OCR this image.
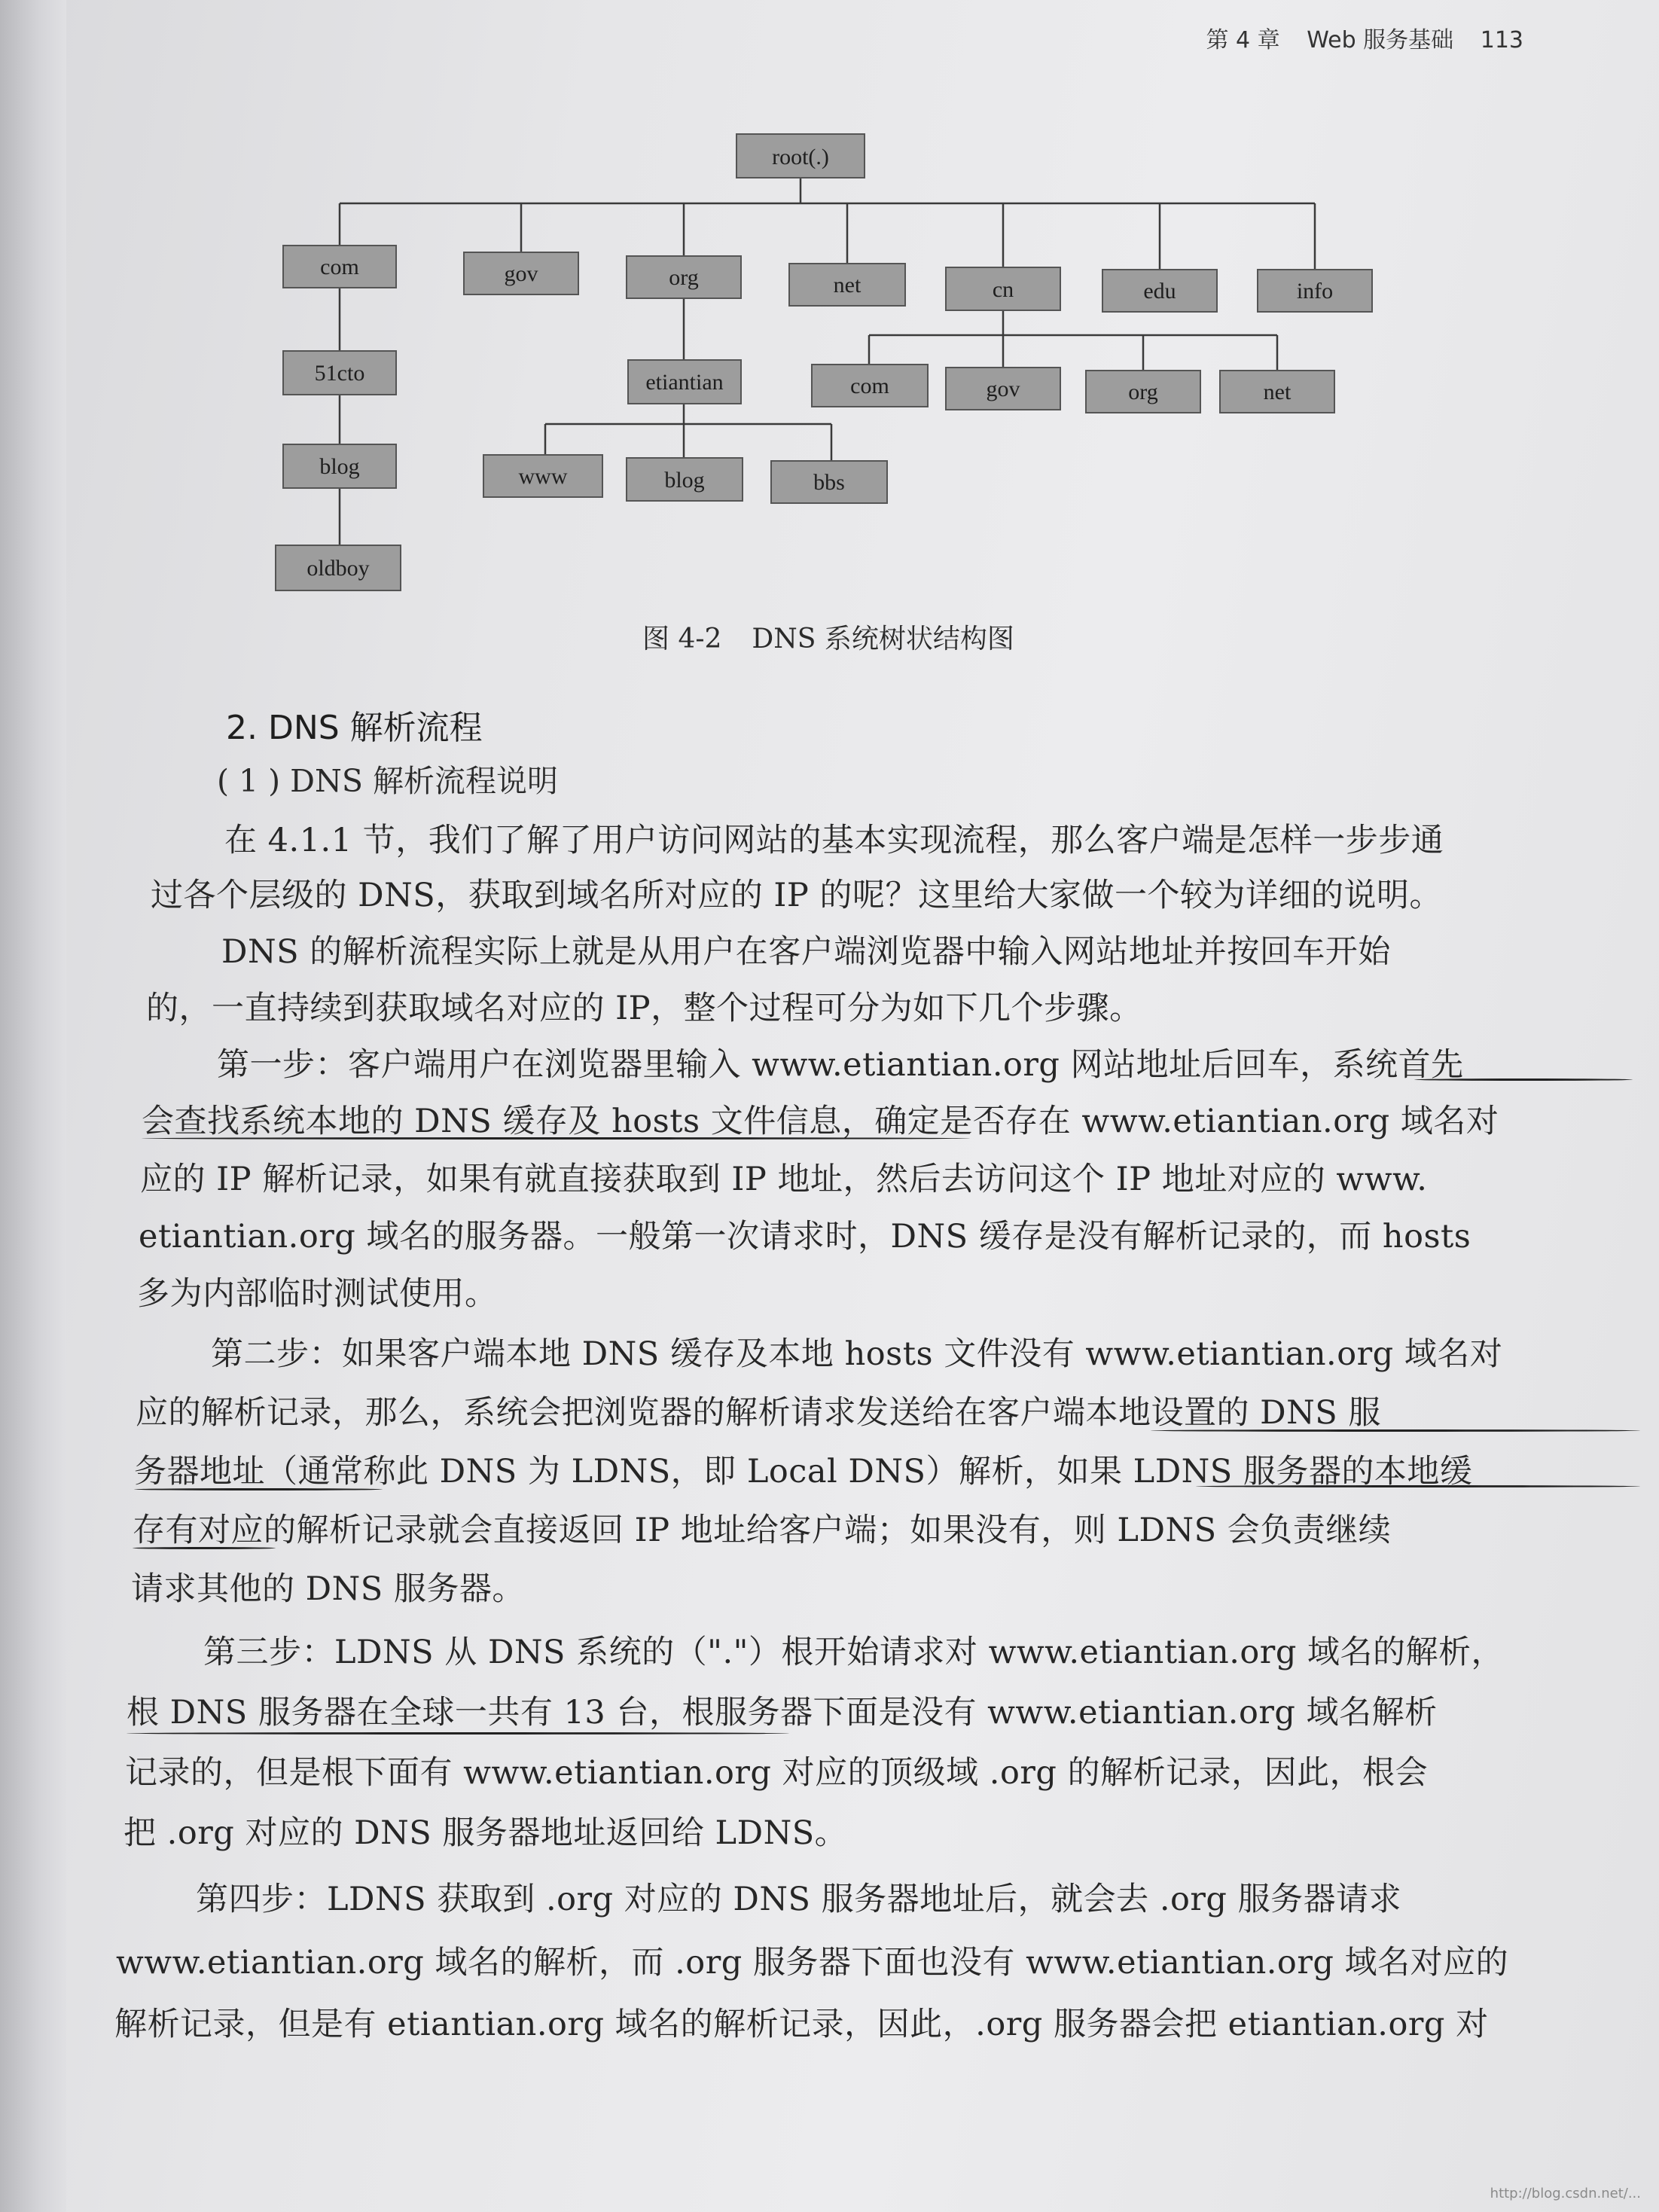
第 4 章 Web 服务基础 113
root(.)
com	gov	org	net	cn	edu	info
51cto
blog
oldboy
etiantian
www	blog	bbs
com	gov	org	net
图 4-2 DNS 系统树状结构图
2. DNS 解析流程
( 1 ) DNS 解析流程说明
在 4.1.1 节，我们了解了用户访问网站的基本实现流程，那么客户端是怎样一步步通
过各个层级的 DNS，获取到域名所对应的 IP 的呢？这里给大家做一个较为详细的说明。
DNS 的解析流程实际上就是从用户在客户端浏览器中输入网站地址并按回车开始
的，一直持续到获取域名对应的 IP，整个过程可分为如下几个步骤。
第一步：客户端用户在浏览器里输入 www.etiantian.org 网站地址后回车，系统首先
会查找系统本地的 DNS 缓存及 hosts 文件信息，确定是否存在 www.etiantian.org 域名对
应的 IP 解析记录，如果有就直接获取到 IP 地址，然后去访问这个 IP 地址对应的 www.
etiantian.org 域名的服务器。一般第一次请求时，DNS 缓存是没有解析记录的，而 hosts
多为内部临时测试使用。
第二步：如果客户端本地 DNS 缓存及本地 hosts 文件没有 www.etiantian.org 域名对
应的解析记录，那么，系统会把浏览器的解析请求发送给在客户端本地设置的 DNS 服
务器地址（通常称此 DNS 为 LDNS，即 Local DNS）解析，如果 LDNS 服务器的本地缓
存有对应的解析记录就会直接返回 IP 地址给客户端；如果没有，则 LDNS 会负责继续
请求其他的 DNS 服务器。
第三步：LDNS 从 DNS 系统的（"."）根开始请求对 www.etiantian.org 域名的解析，
根 DNS 服务器在全球一共有 13 台，根服务器下面是没有 www.etiantian.org 域名解析
记录的，但是根下面有 www.etiantian.org 对应的顶级域 .org 的解析记录，因此，根会
把 .org 对应的 DNS 服务器地址返回给 LDNS。
第四步：LDNS 获取到 .org 对应的 DNS 服务器地址后，就会去 .org 服务器请求
www.etiantian.org 域名的解析，而 .org 服务器下面也没有 www.etiantian.org 域名对应的
解析记录，但是有 etiantian.org 域名的解析记录，因此，.org 服务器会把 etiantian.org 对
http://blog.csdn.net/...
